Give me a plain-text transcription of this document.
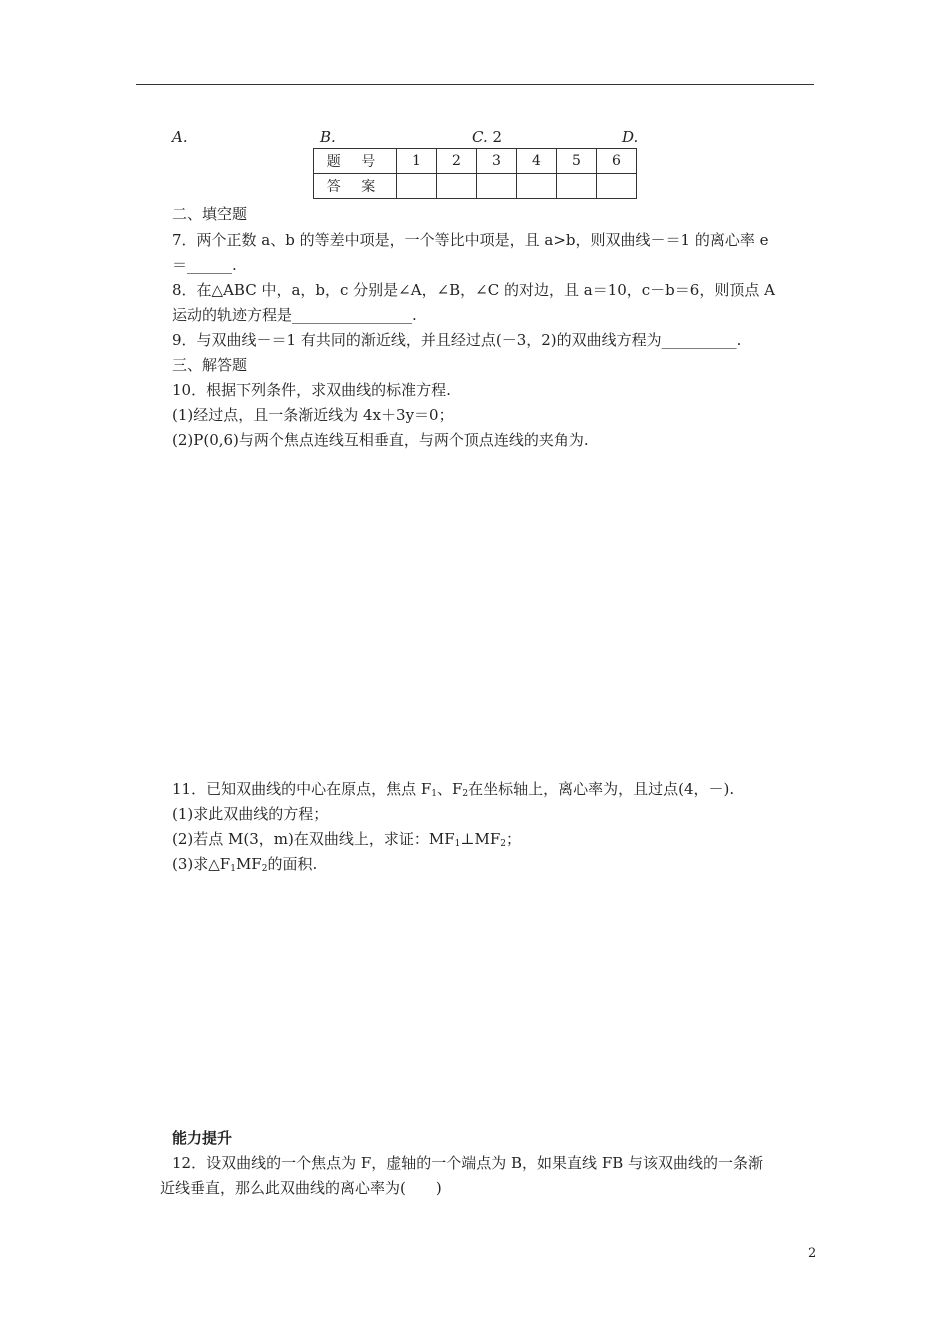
A.	B.	C. 2	D.
题 号	1	2	3	4	5	6
答 案						
二、填空题
7．两个正数 a、b 的等差中项是，一个等比中项是，且 a>b，则双曲线－＝1 的离心率 e
＝______.
8．在△ABC 中，a，b，c 分别是∠A，∠B，∠C 的对边，且 a＝10，c－b＝6，则顶点 A
运动的轨迹方程是________________.
9．与双曲线－＝1 有共同的渐近线，并且经过点(－3，2)的双曲线方程为__________.
三、解答题
10．根据下列条件，求双曲线的标准方程.
(1)经过点，且一条渐近线为 4x＋3y＝0；
(2)P(0,6)与两个焦点连线互相垂直，与两个顶点连线的夹角为.
11．已知双曲线的中心在原点，焦点 $F_1$、$F_2$在坐标轴上，离心率为，且过点(4，－).
(1)求此双曲线的方程；
(2)若点 M(3，m)在双曲线上，求证：$MF_1\perp MF_2$；
(3)求$\triangle F_1MF_2$的面积.
能力提升
12．设双曲线的一个焦点为 F，虚轴的一个端点为 B，如果直线 FB 与该双曲线的一条渐
近线垂直，那么此双曲线的离心率为(　　)
2
